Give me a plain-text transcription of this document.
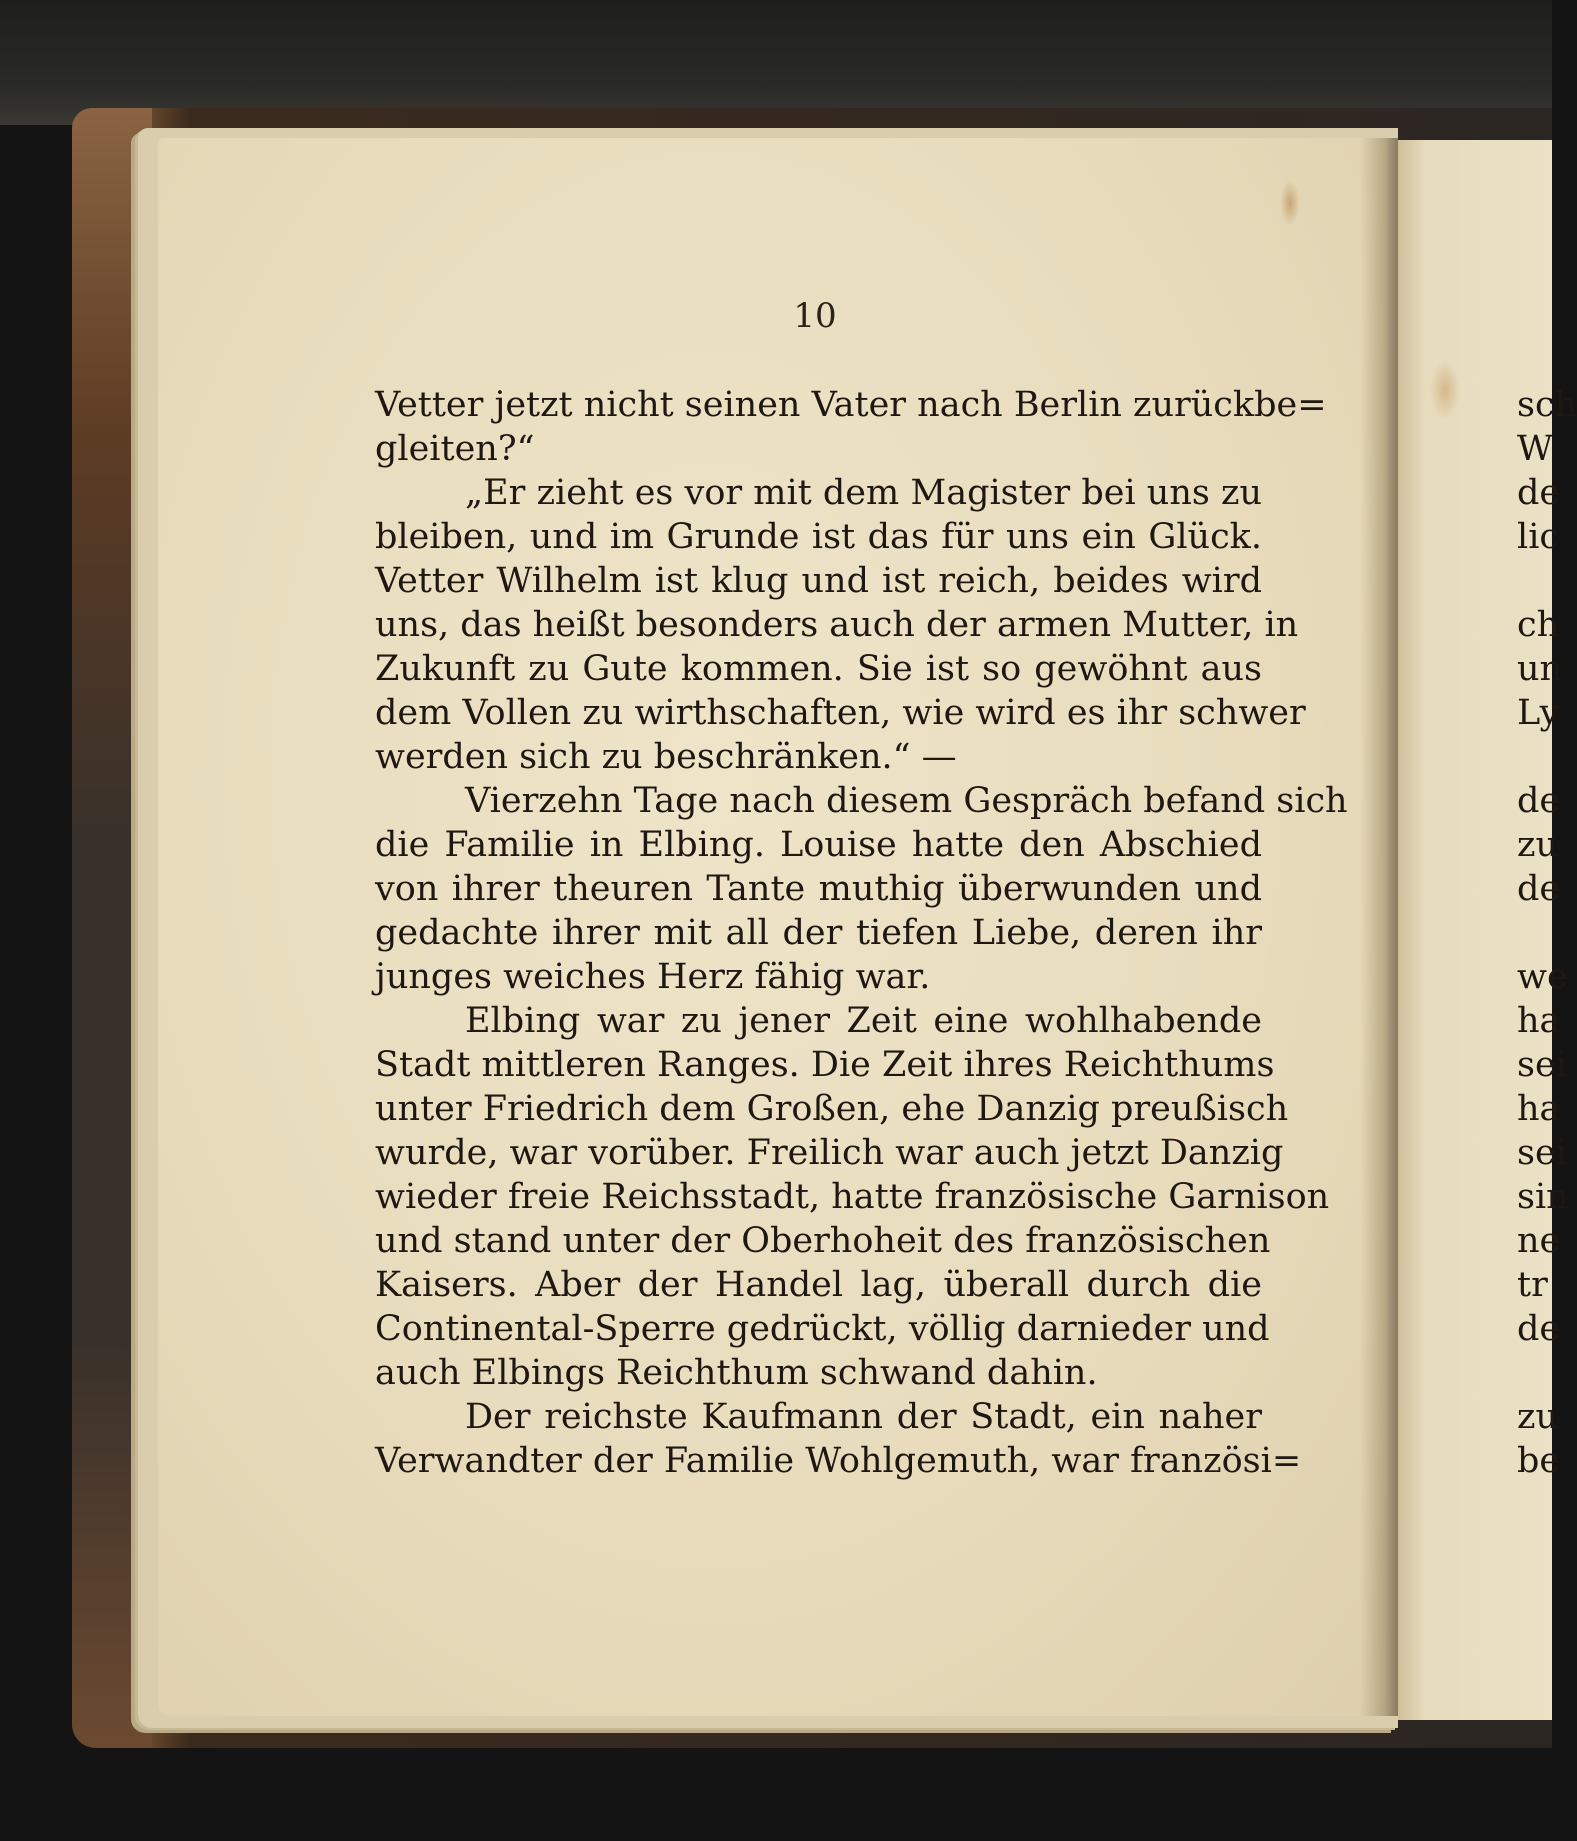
10
Vetter jetzt nicht seinen Vater nach Berlin zurückbe=
gleiten?“
„Er zieht es vor mit dem Magister bei uns zu
bleiben, und im Grunde ist das für uns ein Glück.
Vetter Wilhelm ist klug und ist reich, beides wird
uns, das heißt besonders auch der armen Mutter, in
Zukunft zu Gute kommen. Sie ist so gewöhnt aus
dem Vollen zu wirthschaften, wie wird es ihr schwer
werden sich zu beschränken.“ —
Vierzehn Tage nach diesem Gespräch befand sich
die Familie in Elbing. Louise hatte den Abschied
von ihrer theuren Tante muthig überwunden und
gedachte ihrer mit all der tiefen Liebe, deren ihr
junges weiches Herz fähig war.
Elbing war zu jener Zeit eine wohlhabende
Stadt mittleren Ranges. Die Zeit ihres Reichthums
unter Friedrich dem Großen, ehe Danzig preußisch
wurde, war vorüber. Freilich war auch jetzt Danzig
wieder freie Reichsstadt, hatte französische Garnison
und stand unter der Oberhoheit des französischen
Kaisers. Aber der Handel lag, überall durch die
Continental-Sperre gedrückt, völlig darnieder und
auch Elbings Reichthum schwand dahin.
Der reichste Kaufmann der Stadt, ein naher
Verwandter der Familie Wohlgemuth, war französi=
sch
W
de
lic
ch
un
Ly
de
zu
de
we
ha
sei
ha
sei
sin
ne
tr
de
zu
be
